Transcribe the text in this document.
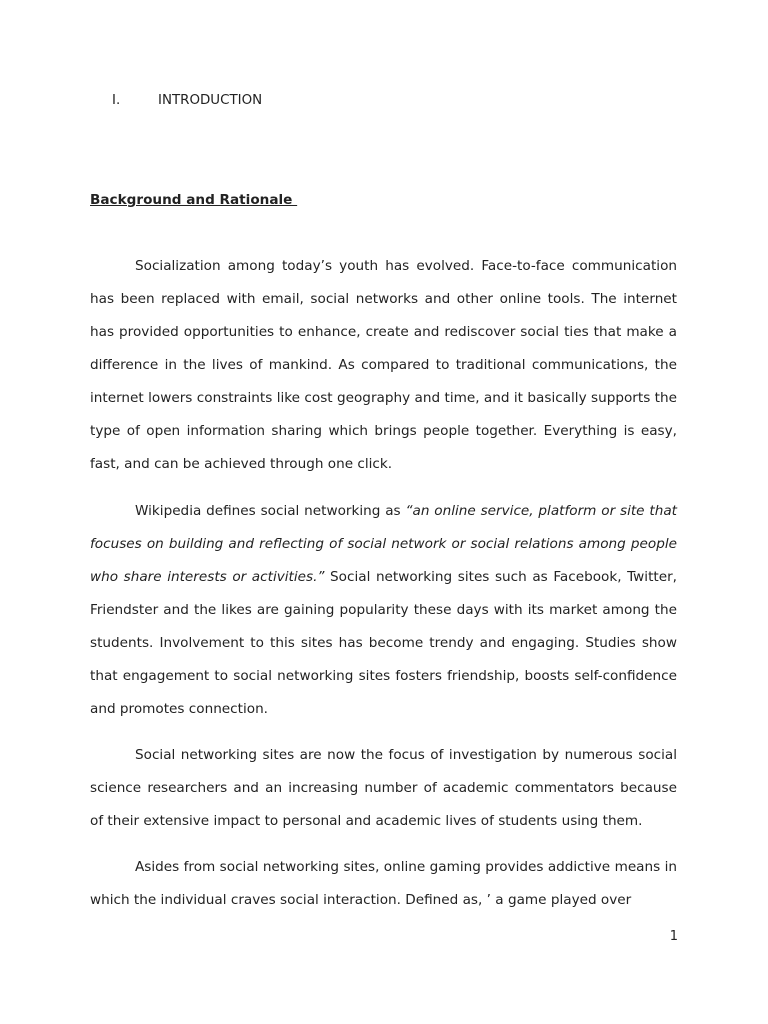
I.	INTRODUCTION
Background and Rationale

Socialization among today’s youth has evolved. Face-to-face communication has been replaced with email, social networks and other online tools. The internet has provided opportunities to enhance, create and rediscover social ties that make a difference in the lives of mankind. As compared to traditional communications, the internet lowers constraints like cost geography and time, and it basically supports the type of open information sharing which brings people together. Everything is easy, fast, and can be achieved through one click.

Wikipedia defines social networking as “an online service, platform or site that focuses on building and reflecting of social network or social relations among people who share interests or activities.” Social networking sites such as Facebook, Twitter, Friendster and the likes are gaining popularity these days with its market among the students. Involvement to this sites has become trendy and engaging. Studies show that engagement to social networking sites fosters friendship, boosts self-confidence and promotes connection.

Social networking sites are now the focus of investigation by numerous social science researchers and an increasing number of academic commentators because of their extensive impact to personal and academic lives of students using them.

Asides from social networking sites, online gaming provides addictive means in which the individual craves social interaction. Defined as, ’ a game played over

1
